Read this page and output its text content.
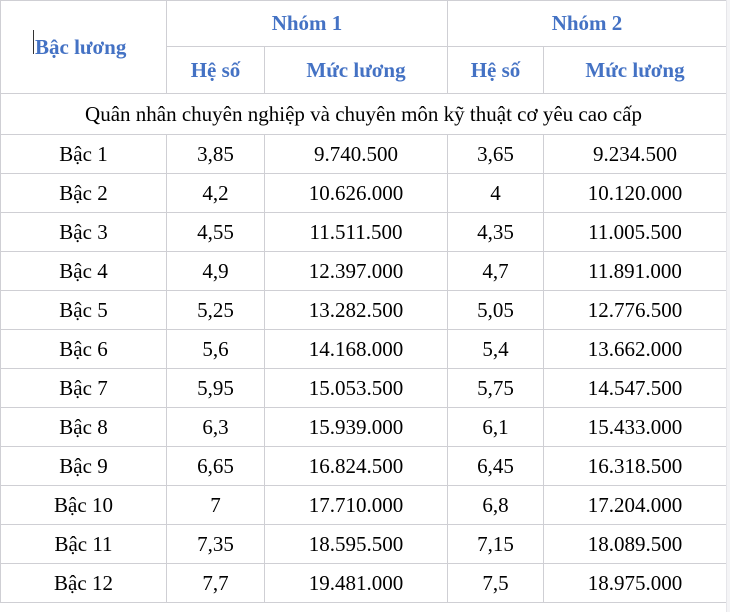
Bậc lương	Nhóm 1		Nhóm 2	
	Hệ số	Mức lương	Hệ số	Mức lương
Quân nhân chuyên nghiệp và chuyên môn kỹ thuật cơ yêu cao cấp				
Bậc 1	3,85	9.740.500	3,65	9.234.500
Bậc 2	4,2	10.626.000	4	10.120.000
Bậc 3	4,55	11.511.500	4,35	11.005.500
Bậc 4	4,9	12.397.000	4,7	11.891.000
Bậc 5	5,25	13.282.500	5,05	12.776.500
Bậc 6	5,6	14.168.000	5,4	13.662.000
Bậc 7	5,95	15.053.500	5,75	14.547.500
Bậc 8	6,3	15.939.000	6,1	15.433.000
Bậc 9	6,65	16.824.500	6,45	16.318.500
Bậc 10	7	17.710.000	6,8	17.204.000
Bậc 11	7,35	18.595.500	7,15	18.089.500
Bậc 12	7,7	19.481.000	7,5	18.975.000
